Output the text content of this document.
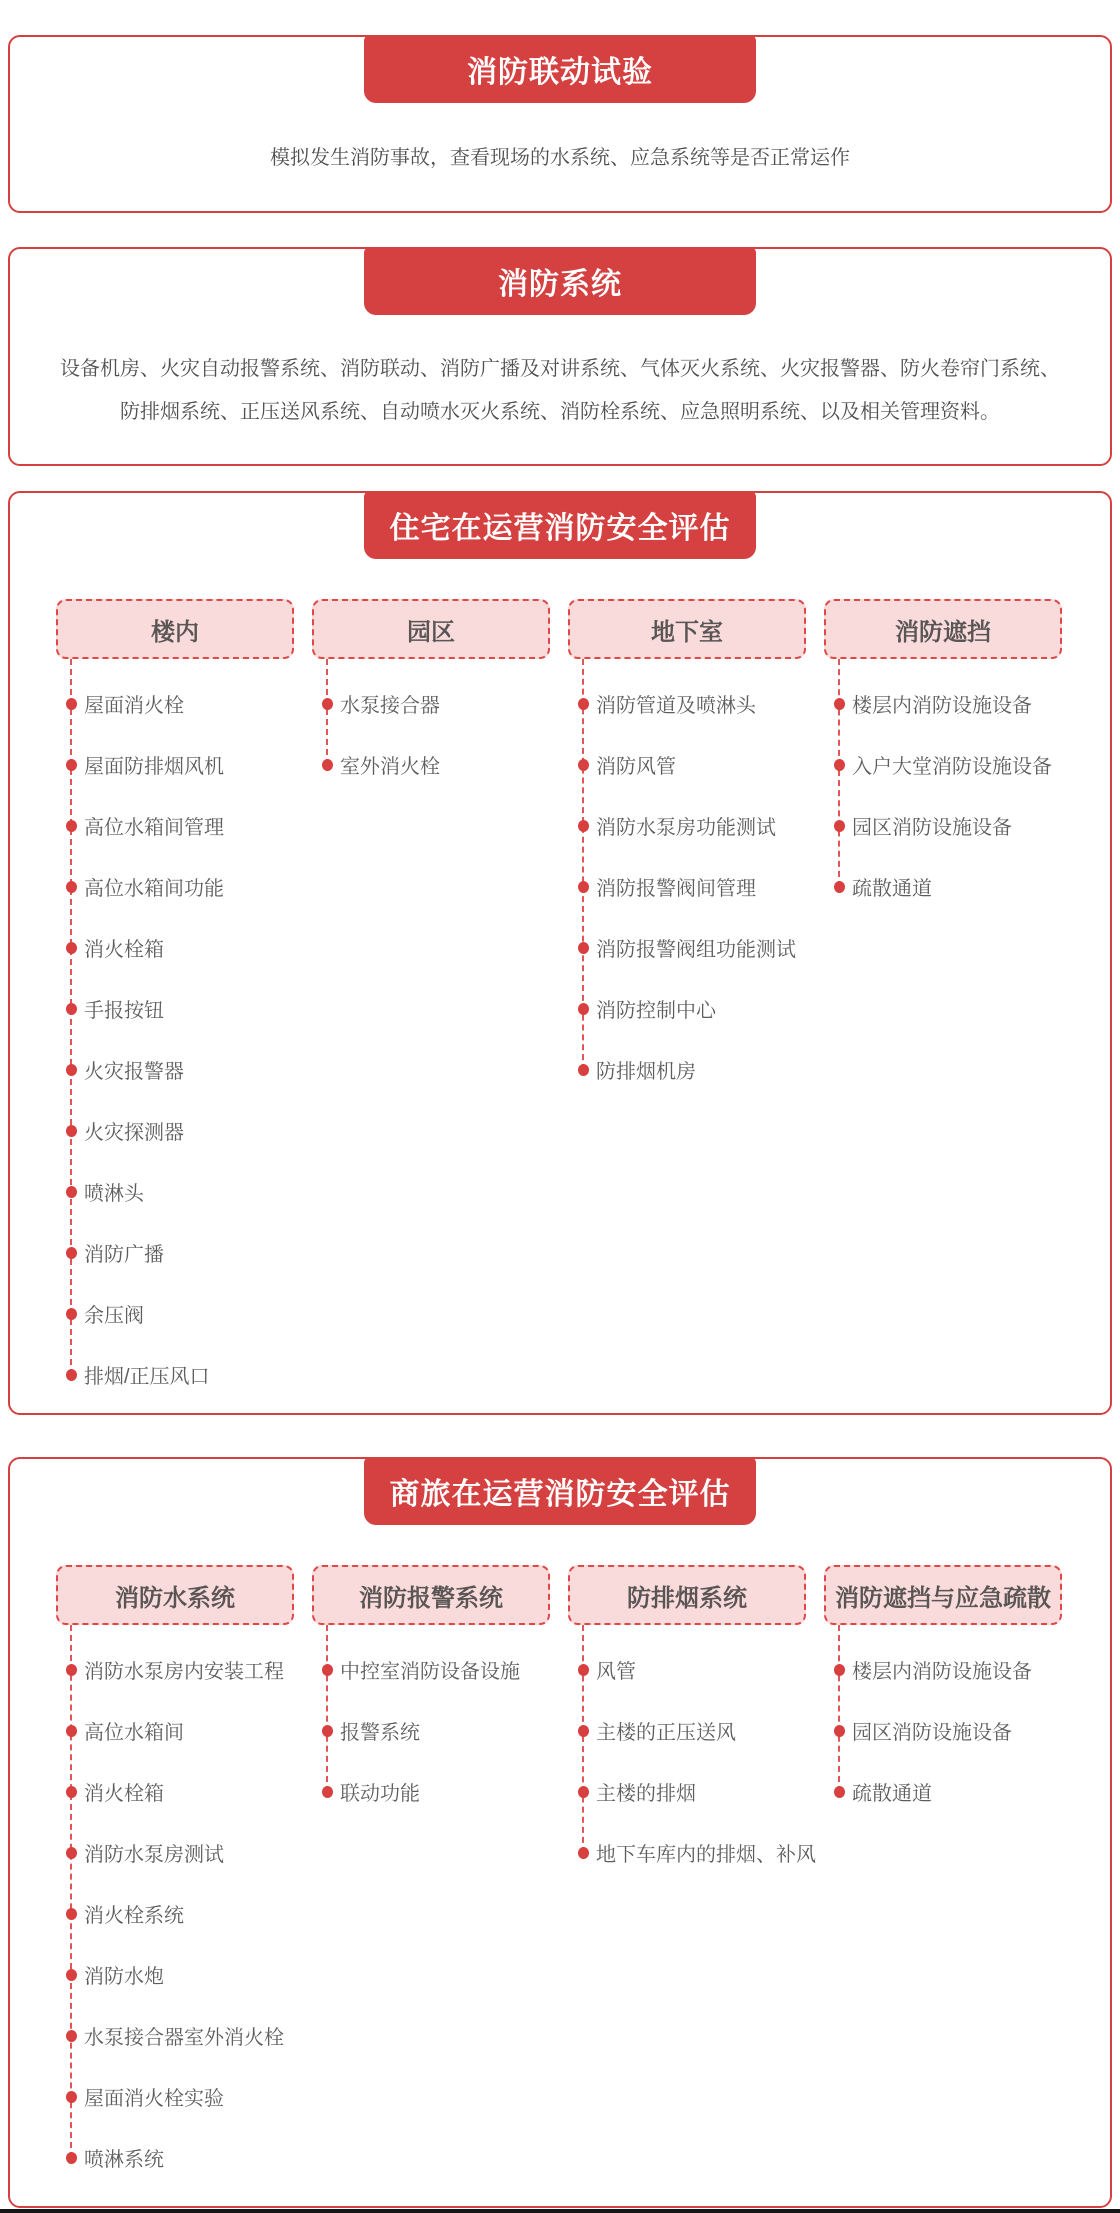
消防联动试验

模拟发生消防事故，查看现场的水系统、应急系统等是否正常运作

消防系统

设备机房、火灾自动报警系统、消防联动、消防广播及对讲系统、气体灭火系统、火灾报警器、防火卷帘门系统、防排烟系统、正压送风系统、自动喷水灭火系统、消防栓系统、应急照明系统、以及相关管理资料。

住宅在运营消防安全评估
楼内
屋面消火栓
屋面防排烟风机
高位水箱间管理
高位水箱间功能
消火栓箱
手报按钮
火灾报警器
火灾探测器
喷淋头
消防广播
余压阀
排烟/正压风口
园区
水泵接合器
室外消火栓
地下室
消防管道及喷淋头
消防风管
消防水泵房功能测试
消防报警阀间管理
消防报警阀组功能测试
消防控制中心
防排烟机房
消防遮挡
楼层内消防设施设备
入户大堂消防设施设备
园区消防设施设备
疏散通道
商旅在运营消防安全评估
消防水系统
消防水泵房内安装工程
高位水箱间
消火栓箱
消防水泵房测试
消火栓系统
消防水炮
水泵接合器室外消火栓
屋面消火栓实验
喷淋系统
消防报警系统
中控室消防设备设施
报警系统
联动功能
防排烟系统
风管
主楼的正压送风
主楼的排烟
地下车库内的排烟、补风
消防遮挡与应急疏散
楼层内消防设施设备
园区消防设施设备
疏散通道
